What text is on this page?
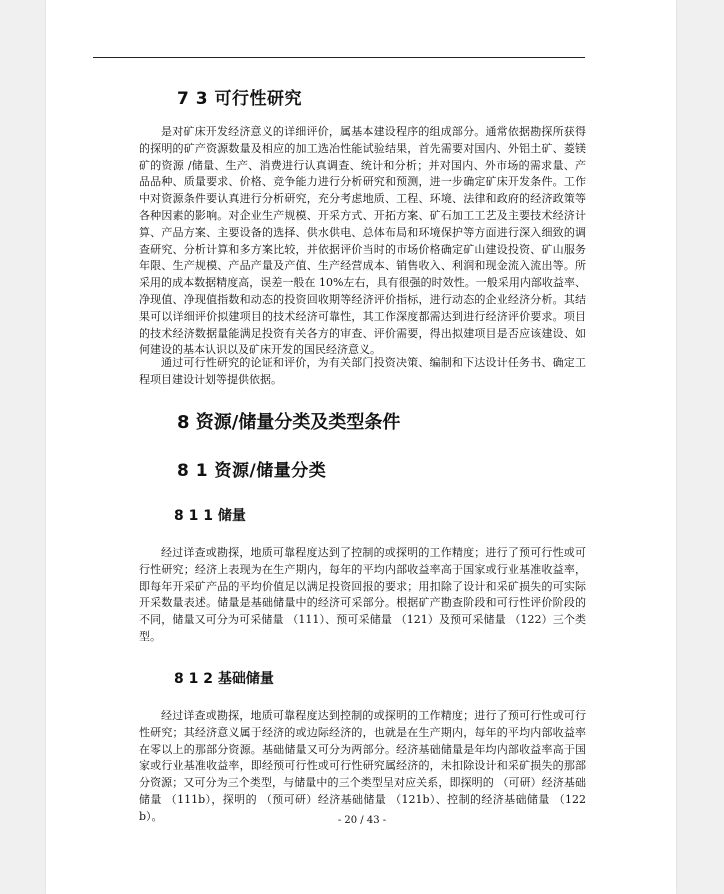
7 3 可行性研究

是对矿床开发经济意义的详细评价，属基本建设程序的组成部分。通常依据勘探所获得的探明的矿产资源数量及相应的加工选冶性能试验结果，首先需要对国内、外铝土矿、菱镁矿的资源 /储量、生产、消费进行认真调查、统计和分析；并对国内、外市场的需求量、产品品种、质量要求、价格、竞争能力进行分析研究和预测，进一步确定矿床开发条件。工作中对资源条件要认真进行分析研究，充分考虑地质、工程、环境、法律和政府的经济政策等各种因素的影响。对企业生产规模、开采方式、开拓方案、矿石加工工艺及主要技术经济计算、产品方案、主要设备的选择、供水供电、总体布局和环境保护等方面进行深入细致的调查研究、分析计算和多方案比较，并依据评价当时的市场价格确定矿山建设投资、矿山服务年限、生产规模、产品产量及产值、生产经营成本、销售收入、利润和现金流入流出等。所采用的成本数据精度高，误差一般在 10%左右，具有很强的时效性。一般采用内部收益率、净现值、净现值指数和动态的投资回收期等经济评价指标，进行动态的企业经济分析。其结果可以详细评价拟建项目的技术经济可靠性，其工作深度都需达到进行经济评价要求。项目的技术经济数据量能满足投资有关各方的审查、评价需要，得出拟建项目是否应该建设、如何建设的基本认识以及矿床开发的国民经济意义。

通过可行性研究的论证和评价，为有关部门投资决策、编制和下达设计任务书、确定工程项目建设计划等提供依据。

8 资源/储量分类及类型条件
8 1 资源/储量分类
8 1 1 储量

经过详查或勘探，地质可靠程度达到了控制的或探明的工作精度；进行了预可行性或可行性研究；经济上表现为在生产期内，每年的平均内部收益率高于国家或行业基准收益率，即每年开采矿产品的平均价值足以满足投资回报的要求；用扣除了设计和采矿损失的可实际开采数量表述。储量是基础储量中的经济可采部分。根据矿产勘查阶段和可行性评价阶段的不同，储量又可分为可采储量 （111）、预可采储量 （121）及预可采储量 （122）三个类型。

8 1 2 基础储量

经过详查或勘探，地质可靠程度达到控制的或探明的工作精度；进行了预可行性或可行性研究；其经济意义属于经济的或边际经济的，也就是在生产期内，每年的平均内部收益率在零以上的那部分资源。基础储量又可分为两部分。经济基础储量是年均内部收益率高于国家或行业基准收益率，即经预可行性或可行性研究属经济的，未扣除设计和采矿损失的那部分资源；又可分为三个类型，与储量中的三个类型呈对应关系，即探明的 （可研）经济基础储量 （111b），探明的 （预可研）经济基础储量 （121b）、控制的经济基础储量 （122b）。	- 20 / 43 -
